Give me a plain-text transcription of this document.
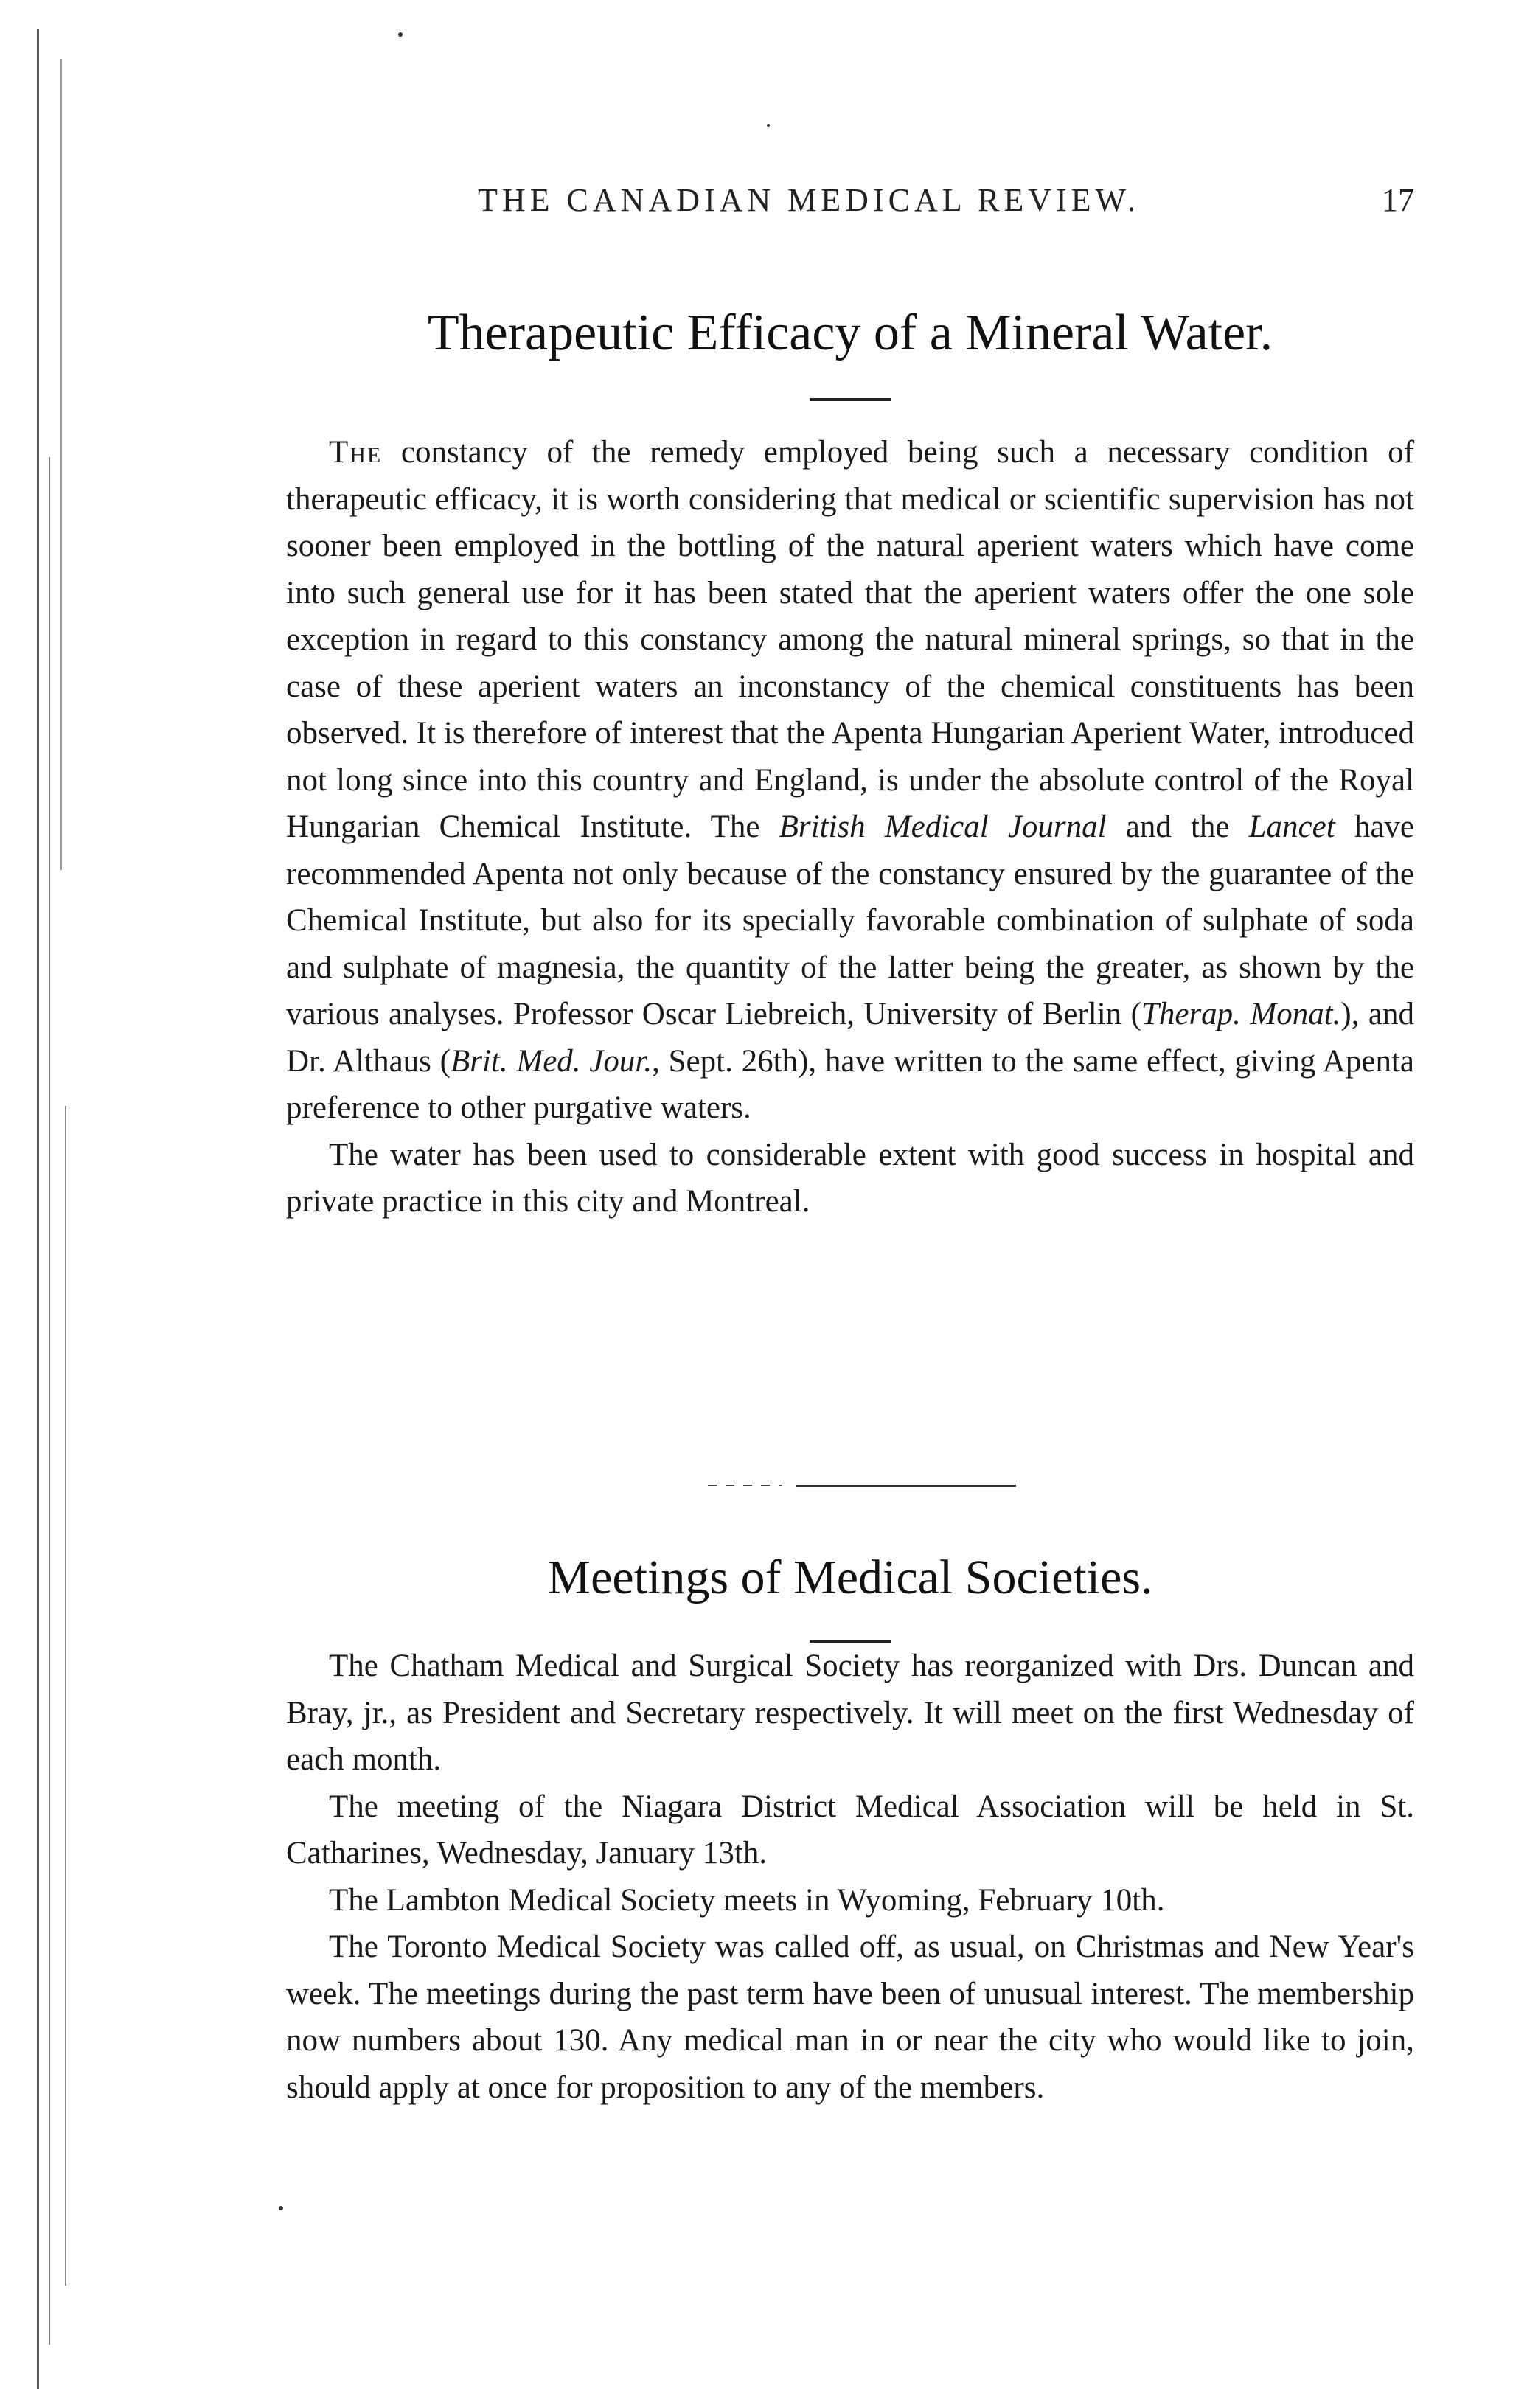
THE CANADIAN MEDICAL REVIEW.	17
Therapeutic Efficacy of a Mineral Water.

The constancy of the remedy employed being such a necessary condition of therapeutic efficacy, it is worth considering that medical or scientific supervision has not sooner been employed in the bottling of the natural aperient waters which have come into such general use for it has been stated that the aperient waters offer the one sole exception in regard to this constancy among the natural mineral springs, so that in the case of these aperient waters an inconstancy of the chemical constituents has been observed. It is therefore of interest that the Apenta Hungarian Aperient Water, introduced not long since into this country and England, is under the absolute control of the Royal Hungarian Chemical Institute. The British Medical Journal and the Lancet have recommended Apenta not only because of the constancy ensured by the guarantee of the Chemical Institute, but also for its specially favorable combination of sulphate of soda and sulphate of magnesia, the quantity of the latter being the greater, as shown by the various analyses. Professor Oscar Liebreich, University of Berlin (Therap. Monat.), and Dr. Althaus (Brit. Med. Jour., Sept. 26th), have written to the same effect, giving Apenta preference to other purgative waters.

The water has been used to considerable extent with good success in hospital and private practice in this city and Montreal.

Meetings of Medical Societies.

The Chatham Medical and Surgical Society has reorganized with Drs. Duncan and Bray, jr., as President and Secretary respectively. It will meet on the first Wednesday of each month.

The meeting of the Niagara District Medical Association will be held in St. Catharines, Wednesday, January 13th.

The Lambton Medical Society meets in Wyoming, February 10th.

The Toronto Medical Society was called off, as usual, on Christmas and New Year's week. The meetings during the past term have been of unusual interest. The membership now numbers about 130. Any medical man in or near the city who would like to join, should apply at once for proposition to any of the members.
